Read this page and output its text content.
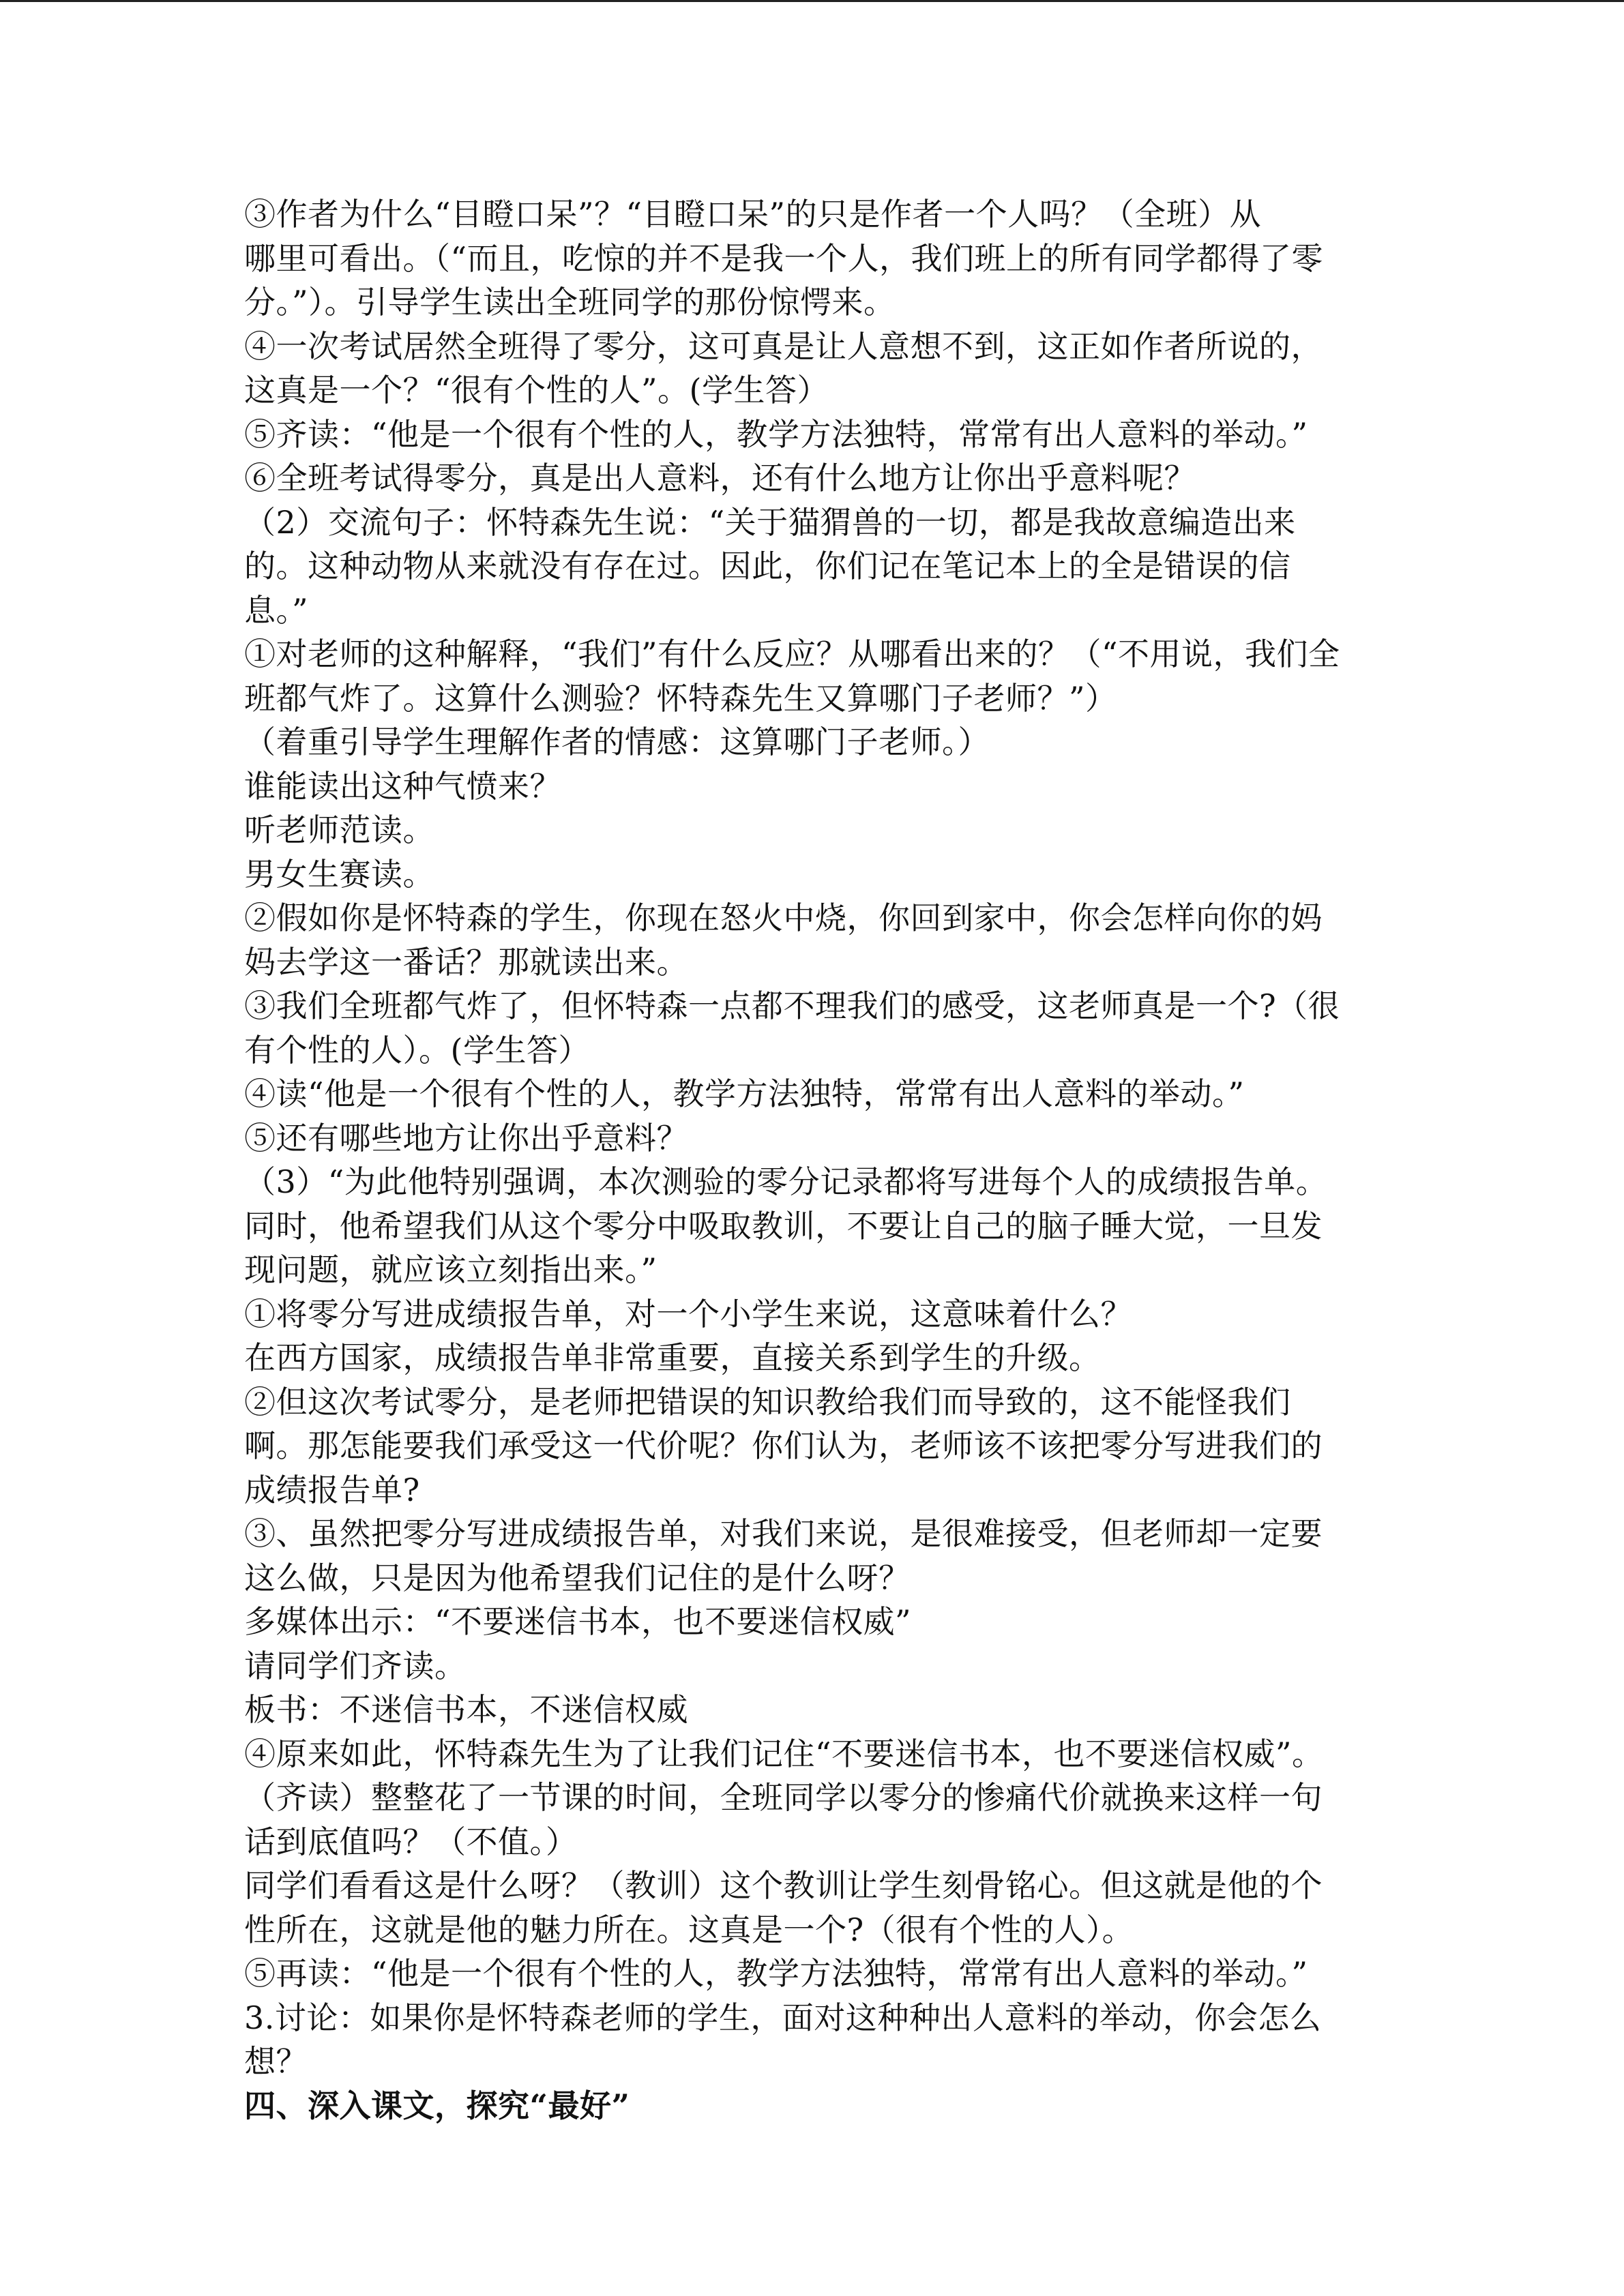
③作者为什么“目瞪口呆”？“目瞪口呆”的只是作者一个人吗？（全班）从
哪里可看出。（“而且，吃惊的并不是我一个人，我们班上的所有同学都得了零
分。”）。引导学生读出全班同学的那份惊愕来。
④一次考试居然全班得了零分，这可真是让人意想不到，这正如作者所说的，
这真是一个？“很有个性的人”。(学生答）
⑤齐读：“他是一个很有个性的人，教学方法独特，常常有出人意料的举动。”
⑥全班考试得零分，真是出人意料，还有什么地方让你出乎意料呢？
（2）交流句子：怀特森先生说：“关于猫猬兽的一切，都是我故意编造出来
的。这种动物从来就没有存在过。因此，你们记在笔记本上的全是错误的信
息。”
①对老师的这种解释，“我们”有什么反应？从哪看出来的？（“不用说，我们全
班都气炸了。这算什么测验？怀特森先生又算哪门子老师？”）
（着重引导学生理解作者的情感：这算哪门子老师。）
谁能读出这种气愤来？
听老师范读。
男女生赛读。
②假如你是怀特森的学生，你现在怒火中烧，你回到家中，你会怎样向你的妈
妈去学这一番话？那就读出来。
③我们全班都气炸了，但怀特森一点都不理我们的感受，这老师真是一个?（很
有个性的人）。(学生答）
④读“他是一个很有个性的人，教学方法独特，常常有出人意料的举动。”
⑤还有哪些地方让你出乎意料？
（3）“为此他特别强调，本次测验的零分记录都将写进每个人的成绩报告单。
同时，他希望我们从这个零分中吸取教训，不要让自己的脑子睡大觉，一旦发
现问题，就应该立刻指出来。”
①将零分写进成绩报告单，对一个小学生来说，这意味着什么？
在西方国家，成绩报告单非常重要，直接关系到学生的升级。
②但这次考试零分，是老师把错误的知识教给我们而导致的，这不能怪我们
啊。那怎能要我们承受这一代价呢？你们认为，老师该不该把零分写进我们的
成绩报告单?
③、虽然把零分写进成绩报告单，对我们来说，是很难接受，但老师却一定要
这么做，只是因为他希望我们记住的是什么呀？
多媒体出示：“不要迷信书本，也不要迷信权威”
请同学们齐读。
板书：不迷信书本，不迷信权威
④原来如此，怀特森先生为了让我们记住“不要迷信书本，也不要迷信权威”。
（齐读）整整花了一节课的时间，全班同学以零分的惨痛代价就换来这样一句
话到底值吗？（不值。）
同学们看看这是什么呀？（教训）这个教训让学生刻骨铭心。但这就是他的个
性所在，这就是他的魅力所在。这真是一个?（很有个性的人）。
⑤再读：“他是一个很有个性的人，教学方法独特，常常有出人意料的举动。”
3.讨论：如果你是怀特森老师的学生，面对这种种出人意料的举动，你会怎么
想？
四、深入课文，探究“最好”
